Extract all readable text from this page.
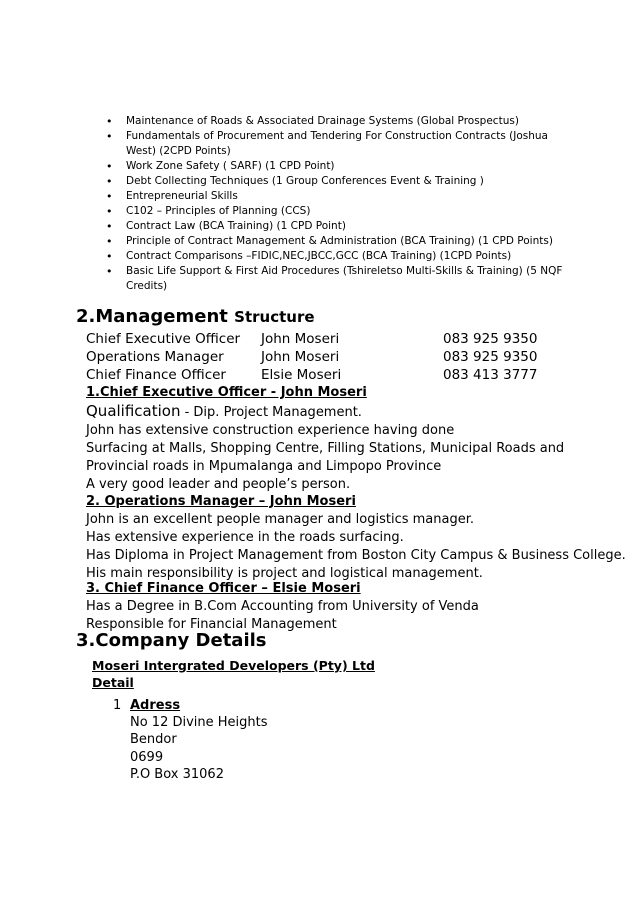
• Maintenance of Roads & Associated Drainage Systems (Global Prospectus)
• Fundamentals of Procurement and Tendering For Construction Contracts (Joshua West) (2CPD Points)
• Work Zone Safety ( SARF) (1 CPD Point)
• Debt Collecting Techniques (1 Group Conferences Event & Training )
• Entrepreneurial Skills
• C102 – Principles of Planning (CCS)
• Contract Law (BCA Training) (1 CPD Point)
• Principle of Contract Management & Administration (BCA Training) (1 CPD Points)
• Contract Comparisons –FIDIC,NEC,JBCC,GCC (BCA Training) (1CPD Points)
• Basic Life Support & First Aid Procedures (Tshireletso Multi-Skills & Training) (5 NQF Credits)
2.Management Structure
Chief Executive Officer John Moseri	083 925 9350
Operations Manager	John Moseri	083 925 9350
Chief Finance Officer	Elsie Moseri	083 413 3777
1.Chief Executive Officer - John Moseri
Qualification - Dip. Project Management.
John has extensive construction experience having done
Surfacing at Malls, Shopping Centre, Filling Stations, Municipal Roads and
Provincial roads in Mpumalanga and Limpopo Province
A very good leader and people’s person.
2. Operations Manager – John Moseri
John is an excellent people manager and logistics manager.
Has extensive experience in the roads surfacing.
Has Diploma in Project Management from Boston City Campus & Business College.
His main responsibility is project and logistical management.
3. Chief Finance Officer – Elsie Moseri
Has a Degree in B.Com Accounting from University of Venda
Responsible for Financial Management
3.Company Details
Moseri Intergrated Developers (Pty) Ltd
Detail
1 Adress
No 12 Divine Heights
Bendor
0699
P.O Box 31062
